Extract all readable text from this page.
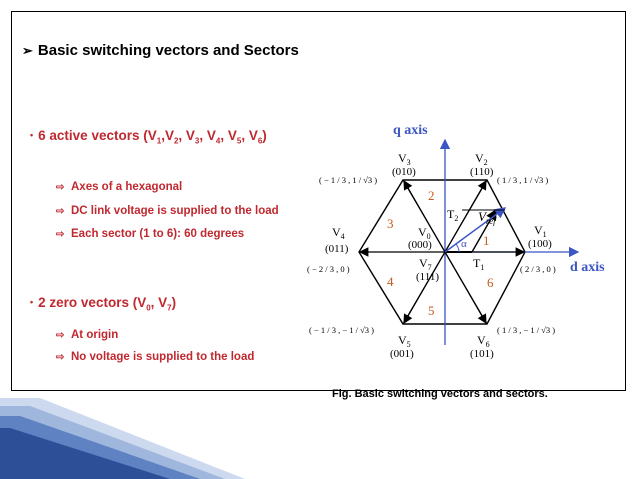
➢ Basic switching vectors and Sectors
• 6 active vectors ($V_1,V_2$, $V_3$, $V_4$, $V_5$, $V_6$)
⇨ Axes of a hexagonal
⇨ DC link voltage is supplied to the load
⇨ Each sector (1 to 6): 60 degrees
• 2 zero vectors ($V_0$, $V_7$)
⇨ At origin
⇨ No voltage is supplied to the load
q axis
d axis
$V_3$
(010)
( − 1 / 3 , 1 / √3 )
$V_2$
(110)
( 1 / 3 , 1 / √3 )
$V_4$
(011)
( − 2 / 3 , 0 )
$V_1$
(100)
( 2 / 3 , 0 )
$V_0$
(000)
$V_7$
(111)
$V_5$
(001)
( − 1 / 3 , − 1 / √3 )
$V_6$
(101)
( 1 / 3 , − 1 / √3 )
$T_2$
$T_1$
$V_{ref}$
α 1
2
3
4
5
6
Fig. Basic switching vectors and sectors.
